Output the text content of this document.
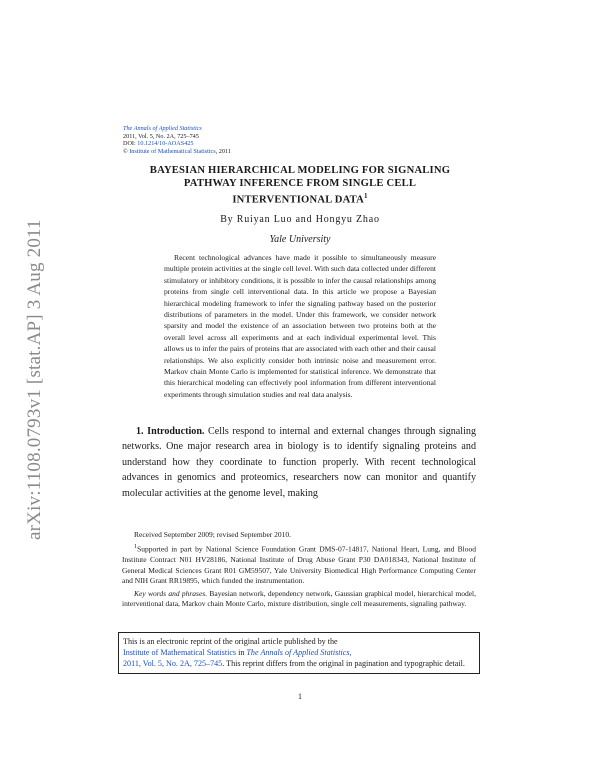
arXiv:1108.0793v1 [stat.AP] 3 Aug 2011
The Annals of Applied Statistics
2011, Vol. 5, No. 2A, 725–745
DOI: 10.1214/10-AOAS425
© Institute of Mathematical Statistics, 2011
BAYESIAN HIERARCHICAL MODELING FOR SIGNALING
PATHWAY INFERENCE FROM SINGLE CELL
INTERVENTIONAL DATA$^1$
By Ruiyan Luo and Hongyu Zhao
Yale University

Recent technological advances have made it possible to simultaneously measure multiple protein activities at the single cell level. With such data collected under different stimulatory or inhibitory conditions, it is possible to infer the causal relationships among proteins from single cell interventional data. In this article we propose a Bayesian hierarchical modeling framework to infer the signaling pathway based on the posterior distributions of parameters in the model. Under this framework, we consider network sparsity and model the existence of an association between two proteins both at the overall level across all experiments and at each individual experimental level. This allows us to infer the pairs of proteins that are associated with each other and their causal relationships. We also explicitly consider both intrinsic noise and measurement error. Markov chain Monte Carlo is implemented for statistical inference. We demonstrate that this hierarchical modeling can effectively pool information from different interventional experiments through simulation studies and real data analysis.

1. Introduction. Cells respond to internal and external changes through signaling networks. One major research area in biology is to identify signaling proteins and understand how they coordinate to function properly. With recent technological advances in genomics and proteomics, researchers now can monitor and quantify molecular activities at the genome level, making

Received September 2009; revised September 2010.

$^1$Supported in part by National Science Foundation Grant DMS-07-14817, National Heart, Lung, and Blood Institute Contract N01 HV28186, National Institute of Drug Abuse Grant P30 DA018343, National Institute of General Medical Sciences Grant R01 GM59507, Yale University Biomedical High Performance Computing Center and NIH Grant RR19895, which funded the instrumentation.

Key words and phrases. Bayesian network, dependency network, Gaussian graphical model, hierarchical model, interventional data, Markov chain Monte Carlo, mixture distribution, single cell measurements, signaling pathway.

This is an electronic reprint of the original article published by the
Institute of Mathematical Statistics in The Annals of Applied Statistics,
2011, Vol. 5, No. 2A, 725–745. This reprint differs from the original in pagination and typographic detail.
1
